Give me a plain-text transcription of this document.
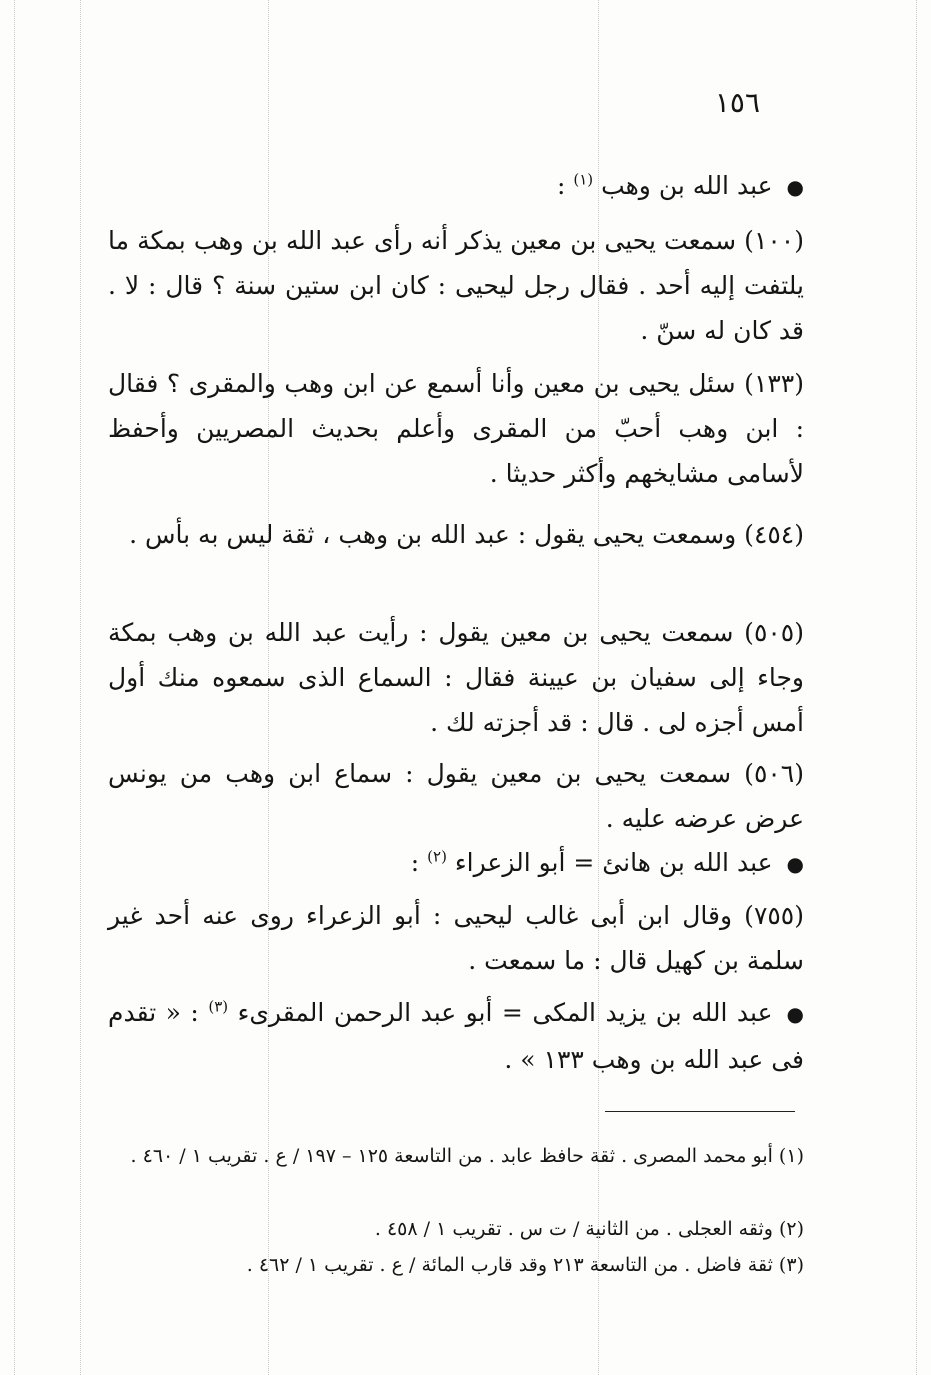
١٥٦

●عبد الله بن وهب $^{(١)}$ :

(١٠٠) سمعت يحيى بن معين يذكر أنه رأى عبد الله بن وهب بمكة ما يلتفت إليه أحد . فقال رجل ليحيى : كان ابن ستين سنة ؟ قال : لا . قد كان له سنّ .

(١٣٣) سئل يحيى بن معين وأنا أسمع عن ابن وهب والمقرى ؟ فقال : ابن وهب أحبّ من المقرى وأعلم بحديث المصريين وأحفظ لأسامى مشايخهم وأكثر حديثا .

(٤٥٤) وسمعت يحيى يقول : عبد الله بن وهب ، ثقة ليس به بأس .

(٥٠٥) سمعت يحيى بن معين يقول : رأيت عبد الله بن وهب بمكة وجاء إلى سفيان بن عيينة فقال : السماع الذى سمعوه منك أول أمس أجزه لى . قال : قد أجزته لك .

(٥٠٦) سمعت يحيى بن معين يقول : سماع ابن وهب من يونس عرض عرضه عليه .

●عبد الله بن هانئ = أبو الزعراء $^{(٢)}$ :

(٧٥٥) وقال ابن أبى غالب ليحيى : أبو الزعراء روى عنه أحد غير سلمة بن كهيل قال : ما سمعت .

●عبد الله بن يزيد المكى = أبو عبد الرحمن المقرىء $^{(٣)}$ : « تقدم فى عبد الله بن وهب ١٣٣ » .

(١) أبو محمد المصرى . ثقة حافظ عابد . من التاسعة ١٢٥ – ١٩٧ / ع . تقريب ١ / ٤٦٠ .

(٢) وثقه العجلى . من الثانية / ت س . تقريب ١ / ٤٥٨ .

(٣) ثقة فاضل . من التاسعة ٢١٣ وقد قارب المائة / ع . تقريب ١ / ٤٦٢ .
